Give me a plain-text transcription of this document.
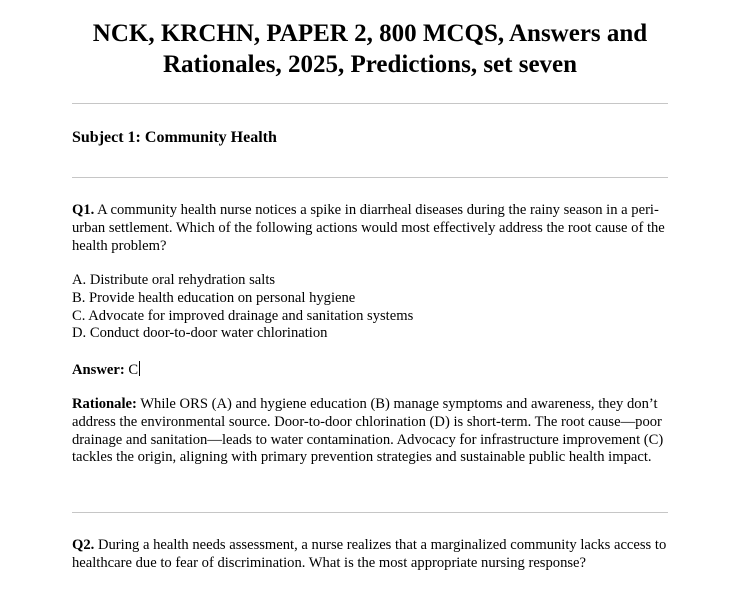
NCK, KRCHN, PAPER 2, 800 MCQS, Answers and Rationales, 2025, Predictions, set seven
Subject 1: Community Health

Q1. A community health nurse notices a spike in diarrheal diseases during the rainy season in a peri-urban settlement. Which of the following actions would most effectively address the root cause of the health problem?

A. Distribute oral rehydration salts
B. Provide health education on personal hygiene
C. Advocate for improved drainage and sanitation systems
D. Conduct door-to-door water chlorination

Answer: C

Rationale: While ORS (A) and hygiene education (B) manage symptoms and awareness, they don’t address the environmental source. Door-to-door chlorination (D) is short-term. The root cause—poor drainage and sanitation—leads to water contamination. Advocacy for infrastructure improvement (C) tackles the origin, aligning with primary prevention strategies and sustainable public health impact.

Q2. During a health needs assessment, a nurse realizes that a marginalized community lacks access to healthcare due to fear of discrimination. What is the most appropriate nursing response?
